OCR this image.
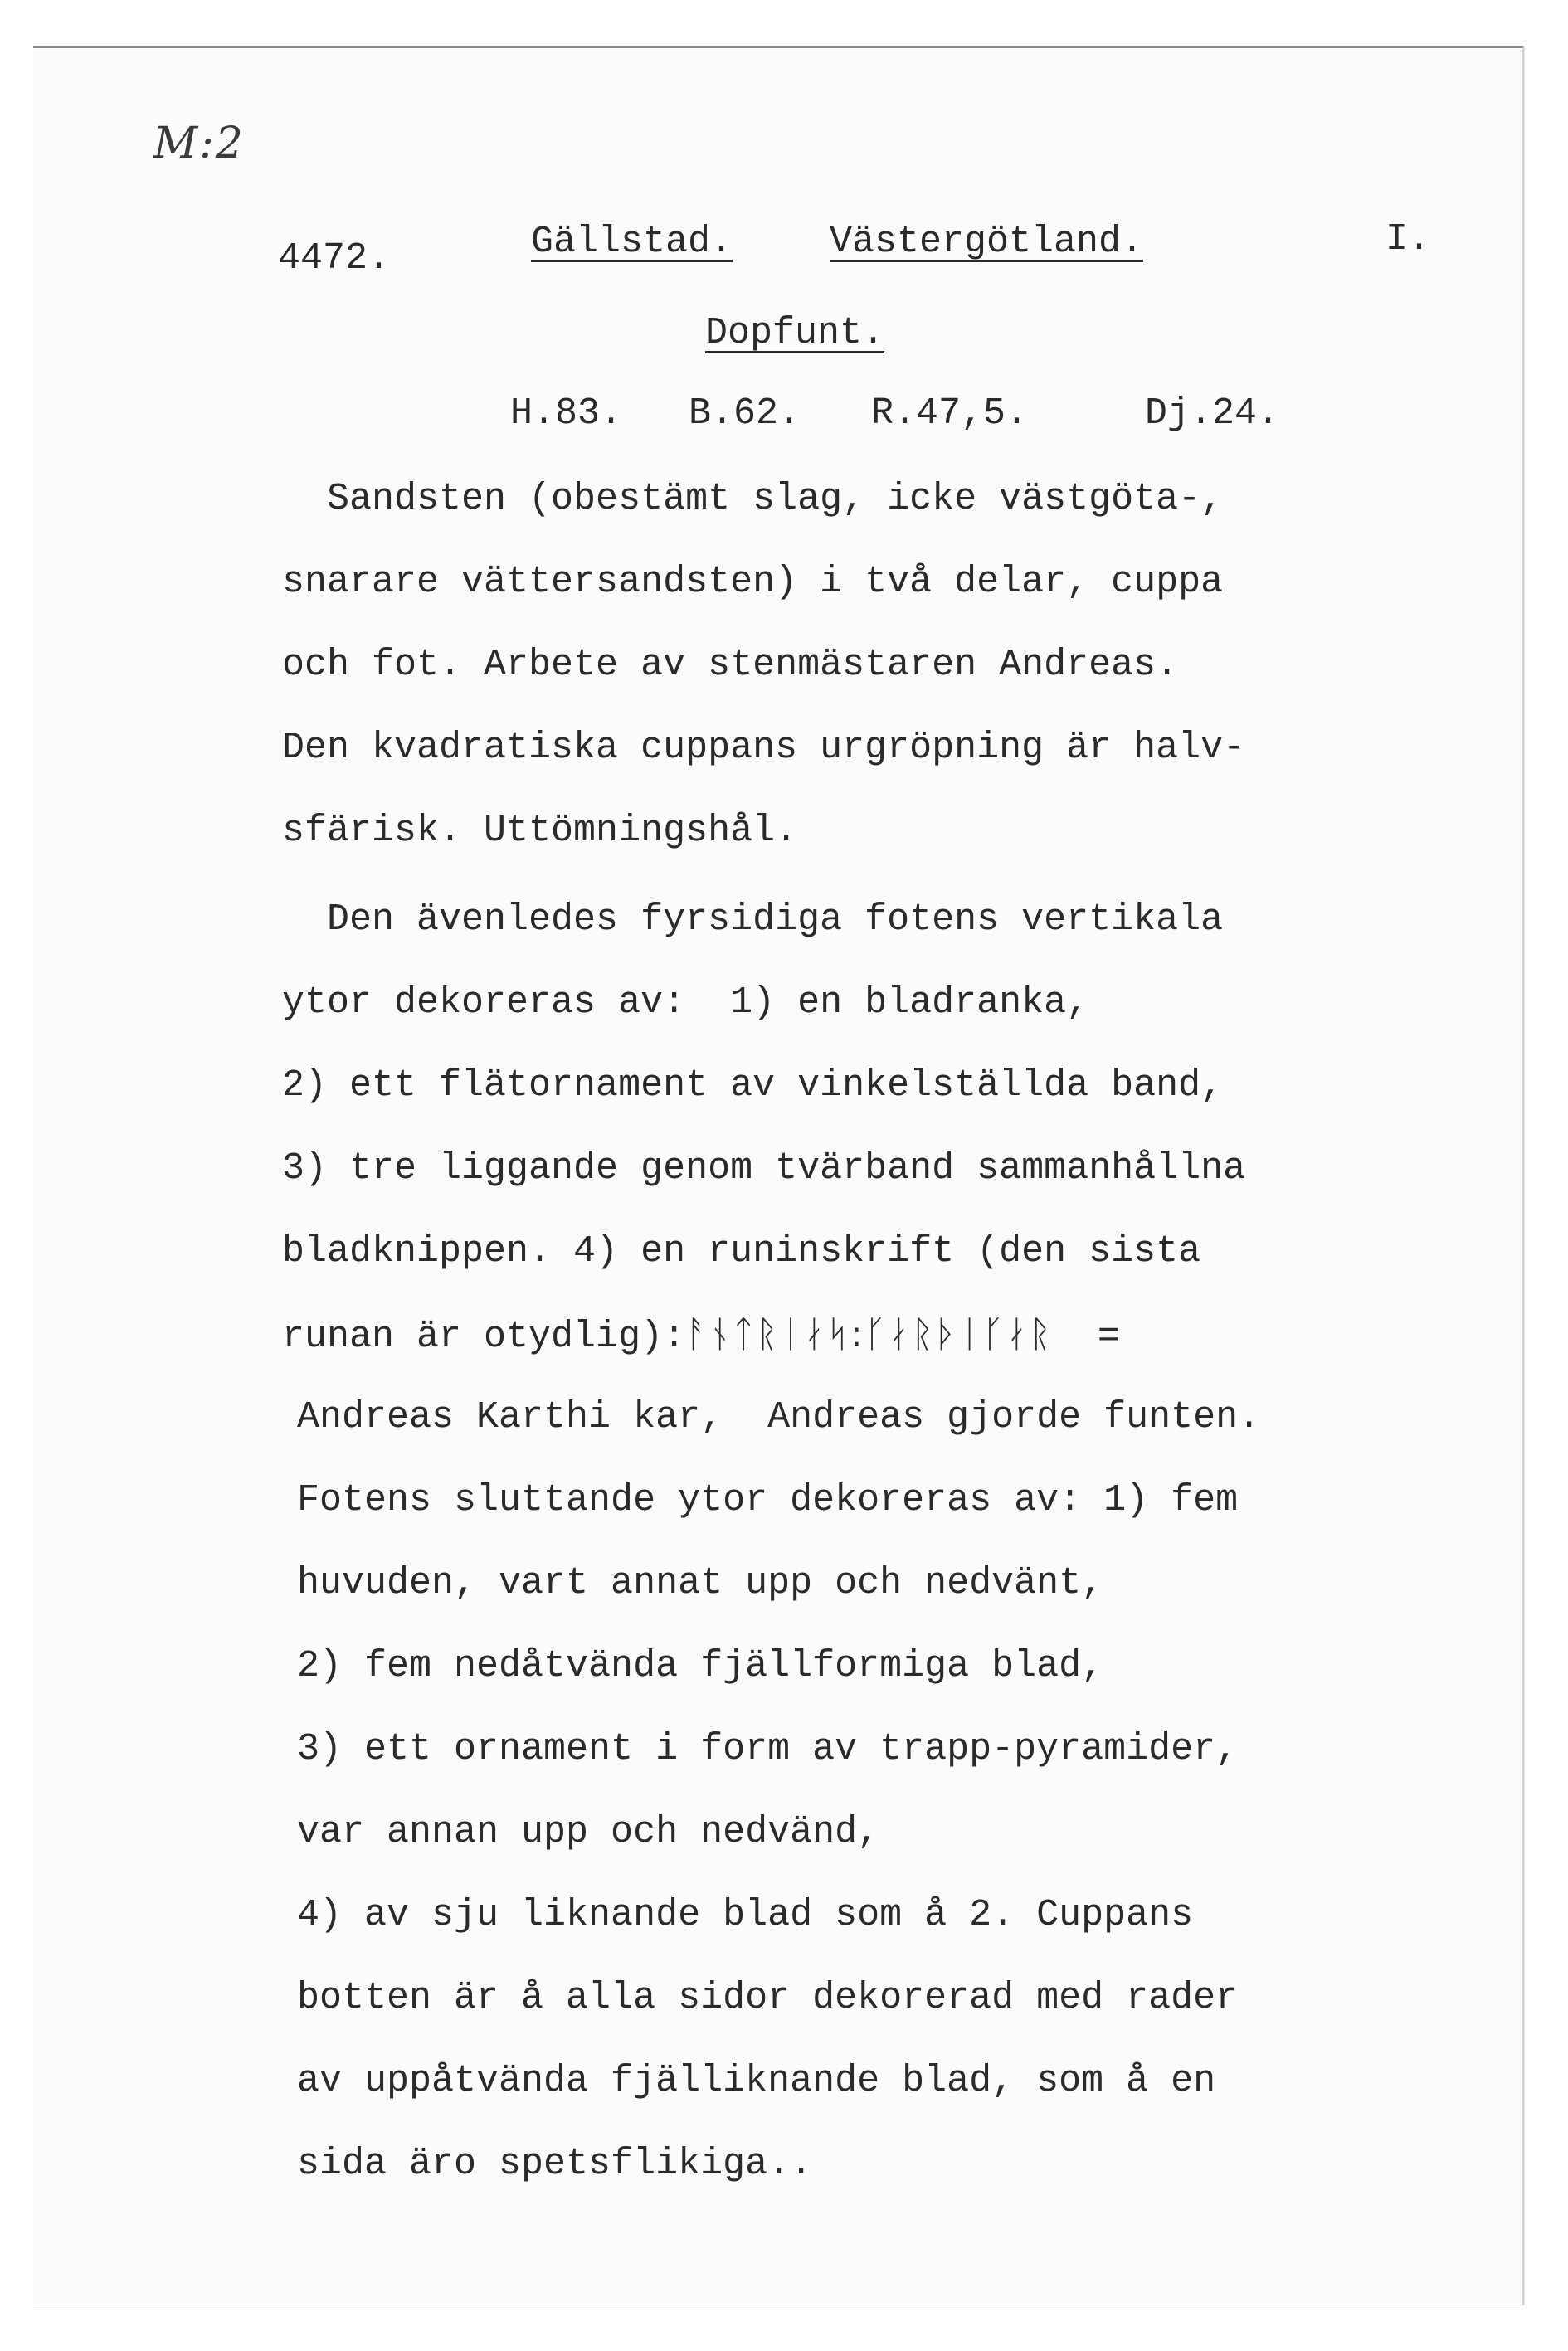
M:2
4472.	Gällstad.	Västergötland.	I.
Dopfunt.
H.83. B.62. R.47,5.	Dj.24.
Sandsten (obestämt slag, icke västgöta-,
snarare vättersandsten) i två delar, cuppa
och fot. Arbete av stenmästaren Andreas.
Den kvadratiska cuppans urgröpning är halv-
sfärisk. Uttömningshål.
Den ävenledes fyrsidiga fotens vertikala
ytor dekoreras av:  1) en bladranka,
2) ett flätornament av vinkelställda band,
3) tre liggande genom tvärband sammanhållna
bladknippen. 4) en runinskrift (den sista
runan är otydlig):ᚨᚾᛏᚱᛁᛅᛋ:ᚴᛅᚱᚦᛁᚴᛅᚱ  =
Andreas Karthi kar,  Andreas gjorde funten.
Fotens sluttande ytor dekoreras av: 1) fem
huvuden, vart annat upp och nedvänt,
2) fem nedåtvända fjällformiga blad,
3) ett ornament i form av trapp-pyramider,
var annan upp och nedvänd,
4) av sju liknande blad som å 2. Cuppans
botten är å alla sidor dekorerad med rader
av uppåtvända fjälliknande blad, som å en
sida äro spetsflikiga..
